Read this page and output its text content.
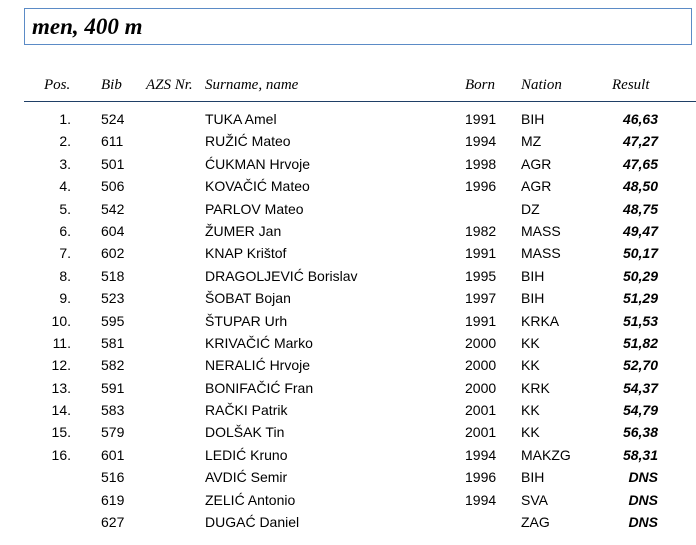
men, 400 m
Pos. Bib AZS Nr. Surname, name	Born Nation	Result
1. 524	TUKA Amel	1991 BIH	46,63
2. 611	RUŽIĆ Mateo	1994 MZ	47,27
3. 501	ĆUKMAN Hrvoje	1998 AGR	47,65
4. 506	KOVAČIĆ Mateo	1996 AGR	48,50
5. 542	PARLOV Mateo	DZ	48,75
6. 604	ŽUMER Jan	1982 MASS	49,47
7. 602	KNAP Krištof	1991 MASS	50,17
8. 518	DRAGOLJEVIĆ Borislav	1995 BIH	50,29
9. 523	ŠOBAT Bojan	1997 BIH	51,29
10. 595	ŠTUPAR Urh	1991 KRKA	51,53
11. 581	KRIVAČIĆ Marko	2000 KK	51,82
12. 582	NERALIĆ Hrvoje	2000 KK	52,70
13. 591	BONIFAČIĆ Fran	2000 KRK	54,37
14. 583	RAČKI Patrik	2001 KK	54,79
15. 579	DOLŠAK Tin	2001 KK	56,38
16. 601	LEDIĆ Kruno	1994 MAKZG	58,31
516	AVDIĆ Semir	1996 BIH	DNS
619	ZELIĆ Antonio	1994 SVA	DNS
627	DUGAĆ Daniel	ZAG	DNS
